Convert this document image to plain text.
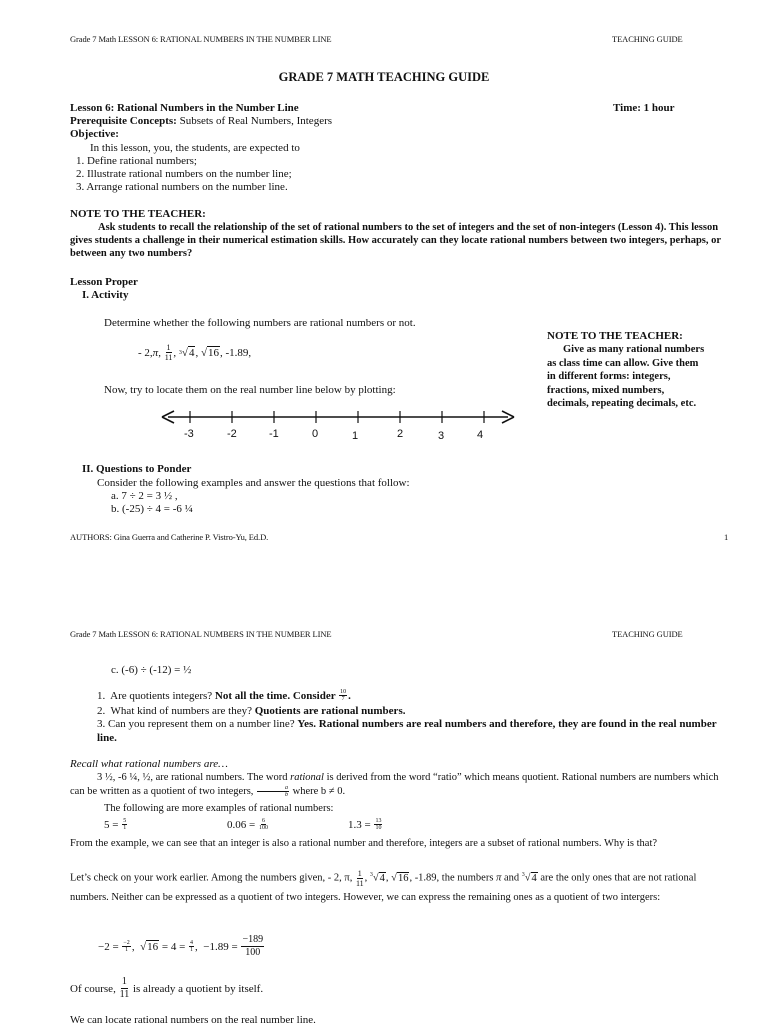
Grade 7 Math LESSON 6: RATIONAL NUMBERS IN THE NUMBER LINE	TEACHING GUIDE
GRADE 7 MATH TEACHING GUIDE
Lesson 6: Rational Numbers in the Number Line	Time: 1 hour
Prerequisite Concepts: Subsets of Real Numbers, Integers
Objective:
In this lesson, you, the students, are expected to
1. Define rational numbers;
2. Illustrate rational numbers on the number line;
3. Arrange rational numbers on the number line.
NOTE TO THE TEACHER:
Ask students to recall the relationship of the set of rational numbers to the set of integers and the set of non-integers (Lesson 4). This lesson gives students a challenge in their numerical estimation skills. How accurately can they locate rational numbers between two integers, perhaps, or between any two numbers?
Lesson Proper
I. Activity
Determine whether the following numbers are rational numbers or not.
- 2, π , $\frac{1}{11}$ , 3 √ 4 , √ 16 , -1.89,
Now, try to locate them on the real number line below by plotting:
-3	-2	-1	0	1	2	3	4
NOTE TO THE TEACHER:
Give as many rational numbers as class time can allow. Give them in different forms: integers, fractions, mixed numbers, decimals, repeating decimals, etc.
II. Questions to Ponder
Consider the following examples and answer the questions that follow:
a. 7 ÷ 2 = 3 ½ ,
b. (-25) ÷ 4 = -6 ¼
AUTHORS: Gina Guerra and Catherine P. Vistro-Yu, Ed.D.	1
Grade 7 Math LESSON 6: RATIONAL NUMBERS IN THE NUMBER LINE	TEACHING GUIDE
c. (-6) ÷ (-12) = ½
1.  Are quotients integers? Not all the time. Consider $\frac{10}{7}$ .
2.  What kind of numbers are they? Quotients are rational numbers.
3. Can you represent them on a number line? Yes. Rational numbers are real numbers and therefore, they are found in the real number line.
Recall what rational numbers are…
3 ½, -6 ¼, ½, are rational numbers. The word rational is derived from the word “ratio” which means quotient. Rational numbers are numbers which can be written as a quotient of two integers, $\frac{a}{b}$ where b ≠ 0.
The following are more examples of rational numbers:
$5 = \frac{5}{1}$	$0.06 = \frac{6}{100}$	$1.3 = \frac{13}{10}$
From the example, we can see that an integer is also a rational number and therefore, integers are a subset of rational numbers. Why is that?
Let’s check on your work earlier. Among the numbers given, - 2, π, $\frac{1}{11}$ , $^3$√4, √16, -1.89, the numbers π and $^3$√4 are the only ones that are not rational numbers. Neither can be expressed as a quotient of two integers. However, we can express the remaining ones as a quotient of two intergers:
$-2 = \frac{-2}{1}$ , √ $16 = 4 = \frac{4}{1}$ ,  $-1.89 = \frac{-189}{100}$
Of course, $\frac{1}{11}$ is already a quotient by itself.
We can locate rational numbers on the real number line.
